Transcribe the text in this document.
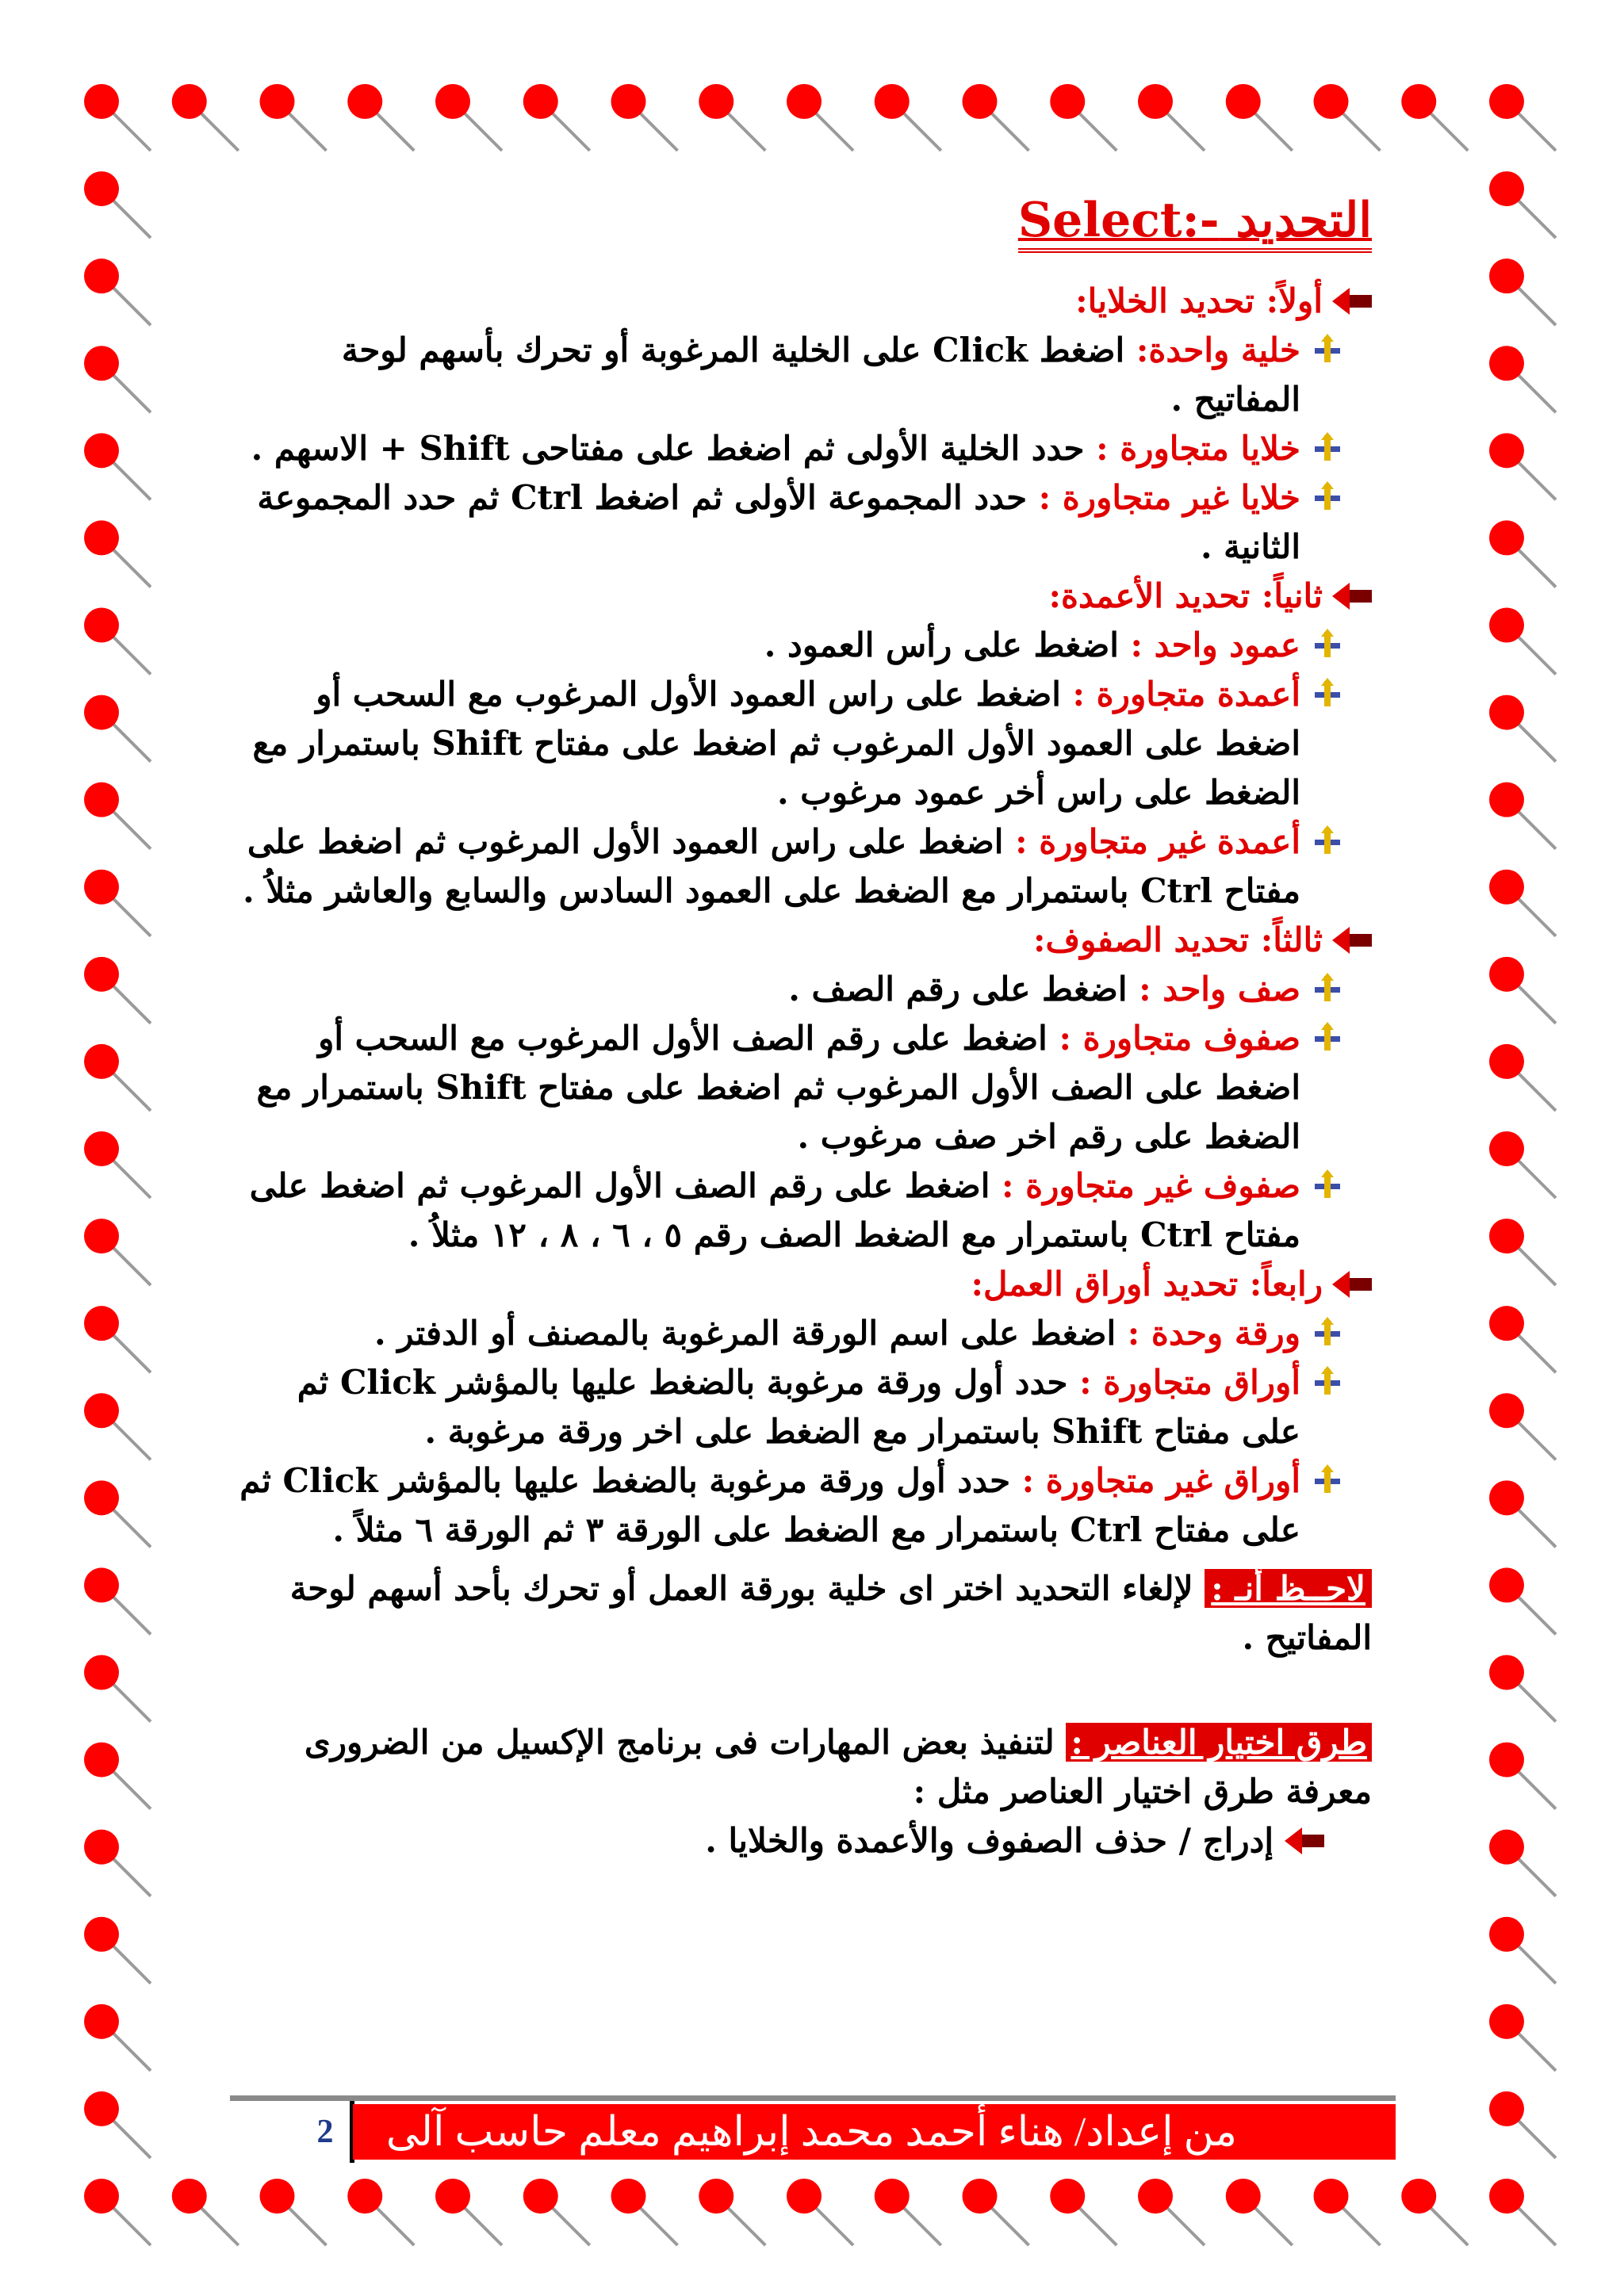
التحديد Select:-
أولاً: تحديد الخلايا:
خلية واحدة: اضغط Click على الخلية المرغوبة أو تحرك بأسهم لوحة المفاتيح .
خلايا متجاورة : حدد الخلية الأولى ثم اضغط على مفتاحى Shift + الاسهم .
خلايا غير متجاورة : حدد المجموعة الأولى ثم اضغط Ctrl ثم حدد المجموعة الثانية .
ثانياً: تحديد الأعمدة:
عمود واحد : اضغط على رأس العمود .
أعمدة متجاورة : اضغط على راس العمود الأول المرغوب مع السحب أو اضغط على العمود الأول المرغوب ثم اضغط على مفتاح Shift باستمرار مع الضغط على راس أخر عمود مرغوب .
أعمدة غير متجاورة : اضغط على راس العمود الأول المرغوب ثم اضغط على مفتاح Ctrl باستمرار مع الضغط على العمود السادس والسابع والعاشر مثلاُ .
ثالثاً: تحديد الصفوف:
صف واحد : اضغط على رقم الصف .
صفوف متجاورة : اضغط على رقم الصف الأول المرغوب مع السحب أو اضغط على الصف الأول المرغوب ثم اضغط على مفتاح Shift باستمرار مع الضغط على رقم اخر صف مرغوب .
صفوف غير متجاورة : اضغط على رقم الصف الأول المرغوب ثم اضغط على مفتاح Ctrl باستمرار مع الضغط الصف رقم ٥ ، ٦ ، ٨ ، ١٢ مثلاُ .
رابعاً: تحديد أوراق العمل:
ورقة وحدة : اضغط على اسم الورقة المرغوبة بالمصنف أو الدفتر .
أوراق متجاورة : حدد أول ورقة مرغوبة بالضغط عليها بالمؤشر Click ثم على مفتاح Shift باستمرار مع الضغط على اخر ورقة مرغوبة .
أوراق غير متجاورة : حدد أول ورقة مرغوبة بالضغط عليها بالمؤشر Click ثم على مفتاح Ctrl باستمرار مع الضغط على الورقة ٣ ثم الورقة ٦ مثلاً .
لاحــظ أنـ : لإلغاء التحديد اختر اى خلية بورقة العمل أو تحرك بأحد أسهم لوحة المفاتيح .
طرق اختيار العناصر : لتنفيذ بعض المهارات فى برنامج الإكسيل من الضرورى معرفة طرق اختيار العناصر مثل :
إدراج / حذف الصفوف والأعمدة والخلايا .
2	من إعداد/ هناء أحمد محمد إبراهيم معلم حاسب آلى
